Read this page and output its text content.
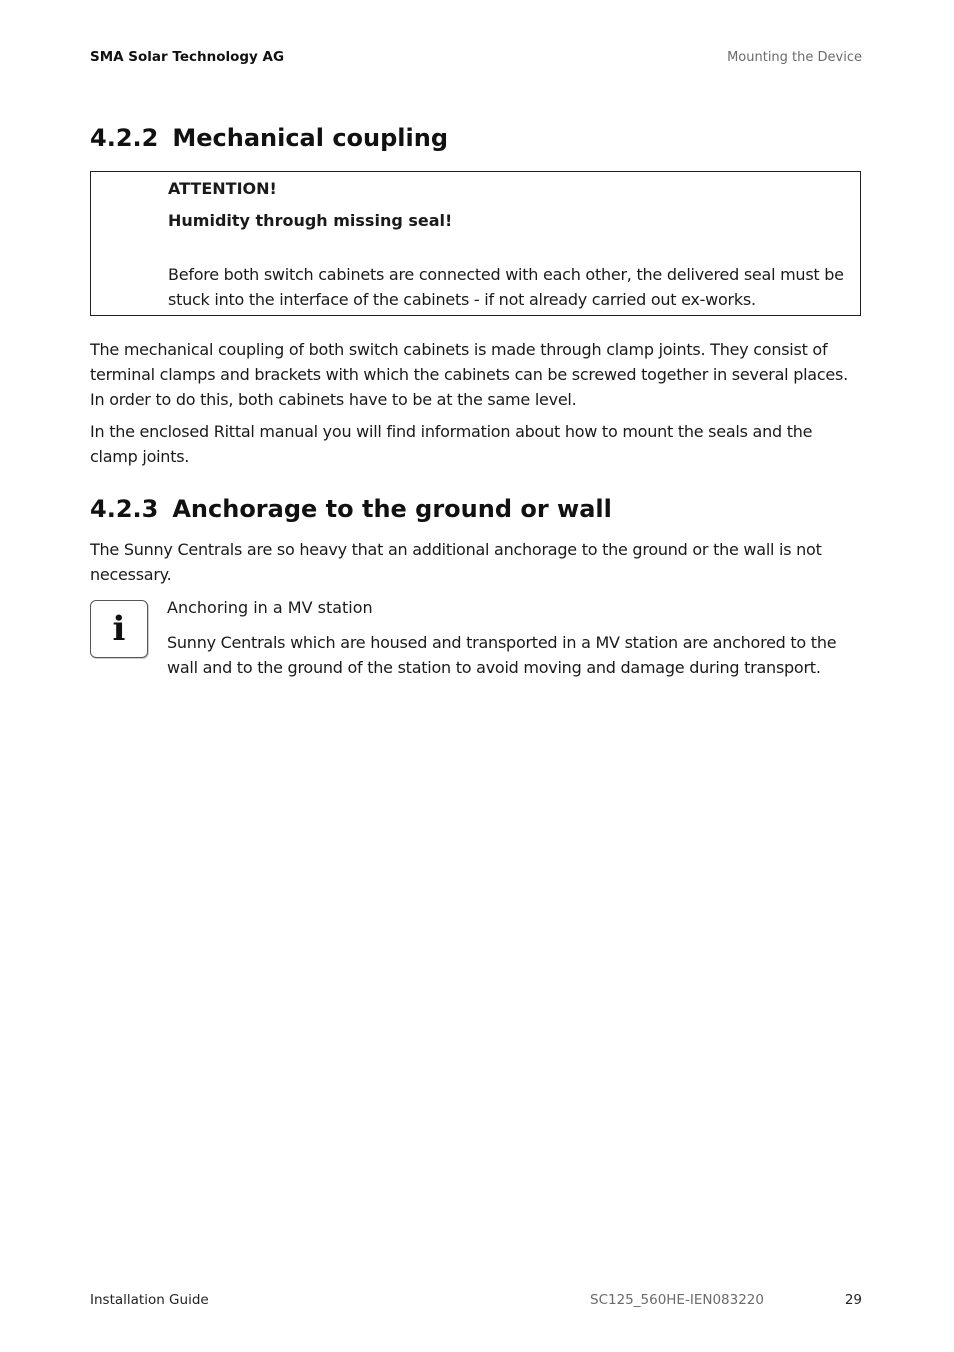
SMA Solar Technology AG	Mounting the Device
4.2.2 Mechanical coupling
ATTENTION!
Humidity through missing seal!
Before both switch cabinets are connected with each other, the delivered seal must be stuck into the interface of the cabinets - if not already carried out ex-works.

The mechanical coupling of both switch cabinets is made through clamp joints. They consist of terminal clamps and brackets with which the cabinets can be screwed together in several places. In order to do this, both cabinets have to be at the same level.

In the enclosed Rittal manual you will find information about how to mount the seals and the clamp joints.

4.2.3 Anchorage to the ground or wall

The Sunny Centrals are so heavy that an additional anchorage to the ground or the wall is not necessary.

i
Anchoring in a MV station
Sunny Centrals which are housed and transported in a MV station are anchored to the wall and to the ground of the station to avoid moving and damage during transport.
Installation Guide	SC125_560HE-IEN083220	29
